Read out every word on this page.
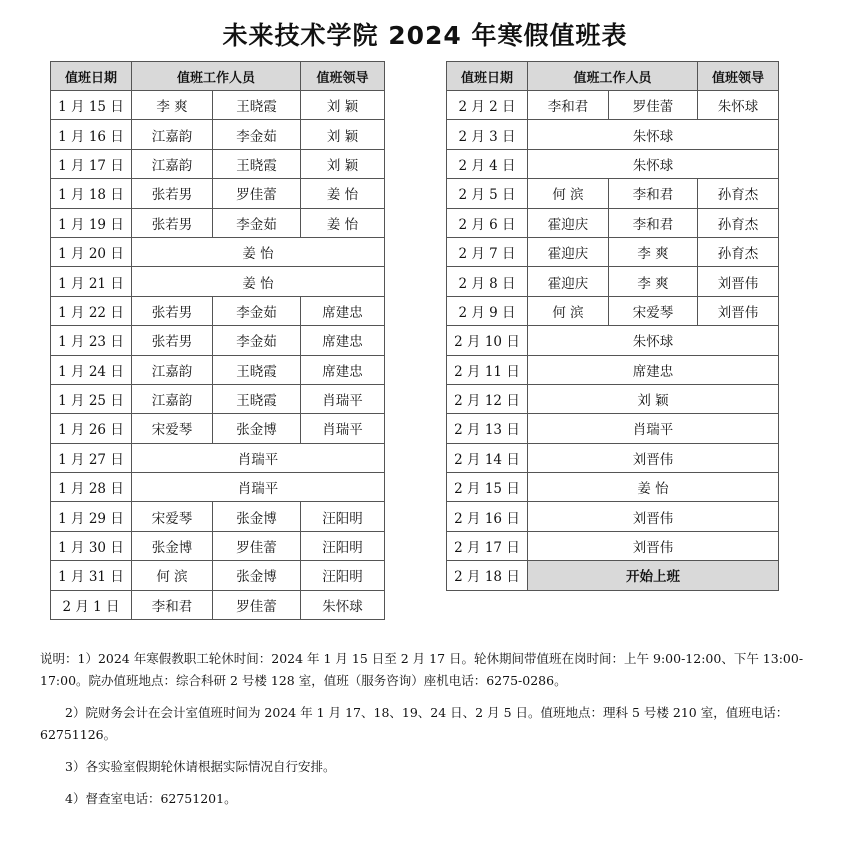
未来技术学院 2024 年寒假值班表
值班日期	值班工作人员		值班领导
1 月 15 日	李 爽	王晓霞	刘 颖
1 月 16 日	江嘉韵	李金茹	刘 颖
1 月 17 日	江嘉韵	王晓霞	刘 颖
1 月 18 日	张若男	罗佳蕾	姜 怡
1 月 19 日	张若男	李金茹	姜 怡
1 月 20 日	姜 怡		
1 月 21 日	姜 怡		
1 月 22 日	张若男	李金茹	席建忠
1 月 23 日	张若男	李金茹	席建忠
1 月 24 日	江嘉韵	王晓霞	席建忠
1 月 25 日	江嘉韵	王晓霞	肖瑞平
1 月 26 日	宋爱琴	张金博	肖瑞平
1 月 27 日	肖瑞平		
1 月 28 日	肖瑞平		
1 月 29 日	宋爱琴	张金博	汪阳明
1 月 30 日	张金博	罗佳蕾	汪阳明
1 月 31 日	何 滨	张金博	汪阳明
2 月 1 日	李和君	罗佳蕾	朱怀球
值班日期	值班工作人员		值班领导
2 月 2 日	李和君	罗佳蕾	朱怀球
2 月 3 日	朱怀球		
2 月 4 日	朱怀球		
2 月 5 日	何 滨	李和君	孙育杰
2 月 6 日	霍迎庆	李和君	孙育杰
2 月 7 日	霍迎庆	李 爽	孙育杰
2 月 8 日	霍迎庆	李 爽	刘晋伟
2 月 9 日	何 滨	宋爱琴	刘晋伟
2 月 10 日	朱怀球		
2 月 11 日	席建忠		
2 月 12 日	刘 颖		
2 月 13 日	肖瑞平		
2 月 14 日	刘晋伟		
2 月 15 日	姜 怡		
2 月 16 日	刘晋伟		
2 月 17 日	刘晋伟		
2 月 18 日	开始上班		

说明：1）2024 年寒假教职工轮休时间：2024 年 1 月 15 日至 2 月 17 日。轮休期间带值班在岗时间：上午 9:00-12:00、下午 13:00-17:00。院办值班地点：综合科研 2 号楼 128 室，值班（服务咨询）座机电话：6275-0286。

2）院财务会计在会计室值班时间为 2024 年 1 月 17、18、19、24 日、2 月 5 日。值班地点：理科 5 号楼 210 室，值班电话：62751126。

3）各实验室假期轮休请根据实际情况自行安排。

4）督查室电话：62751201。
